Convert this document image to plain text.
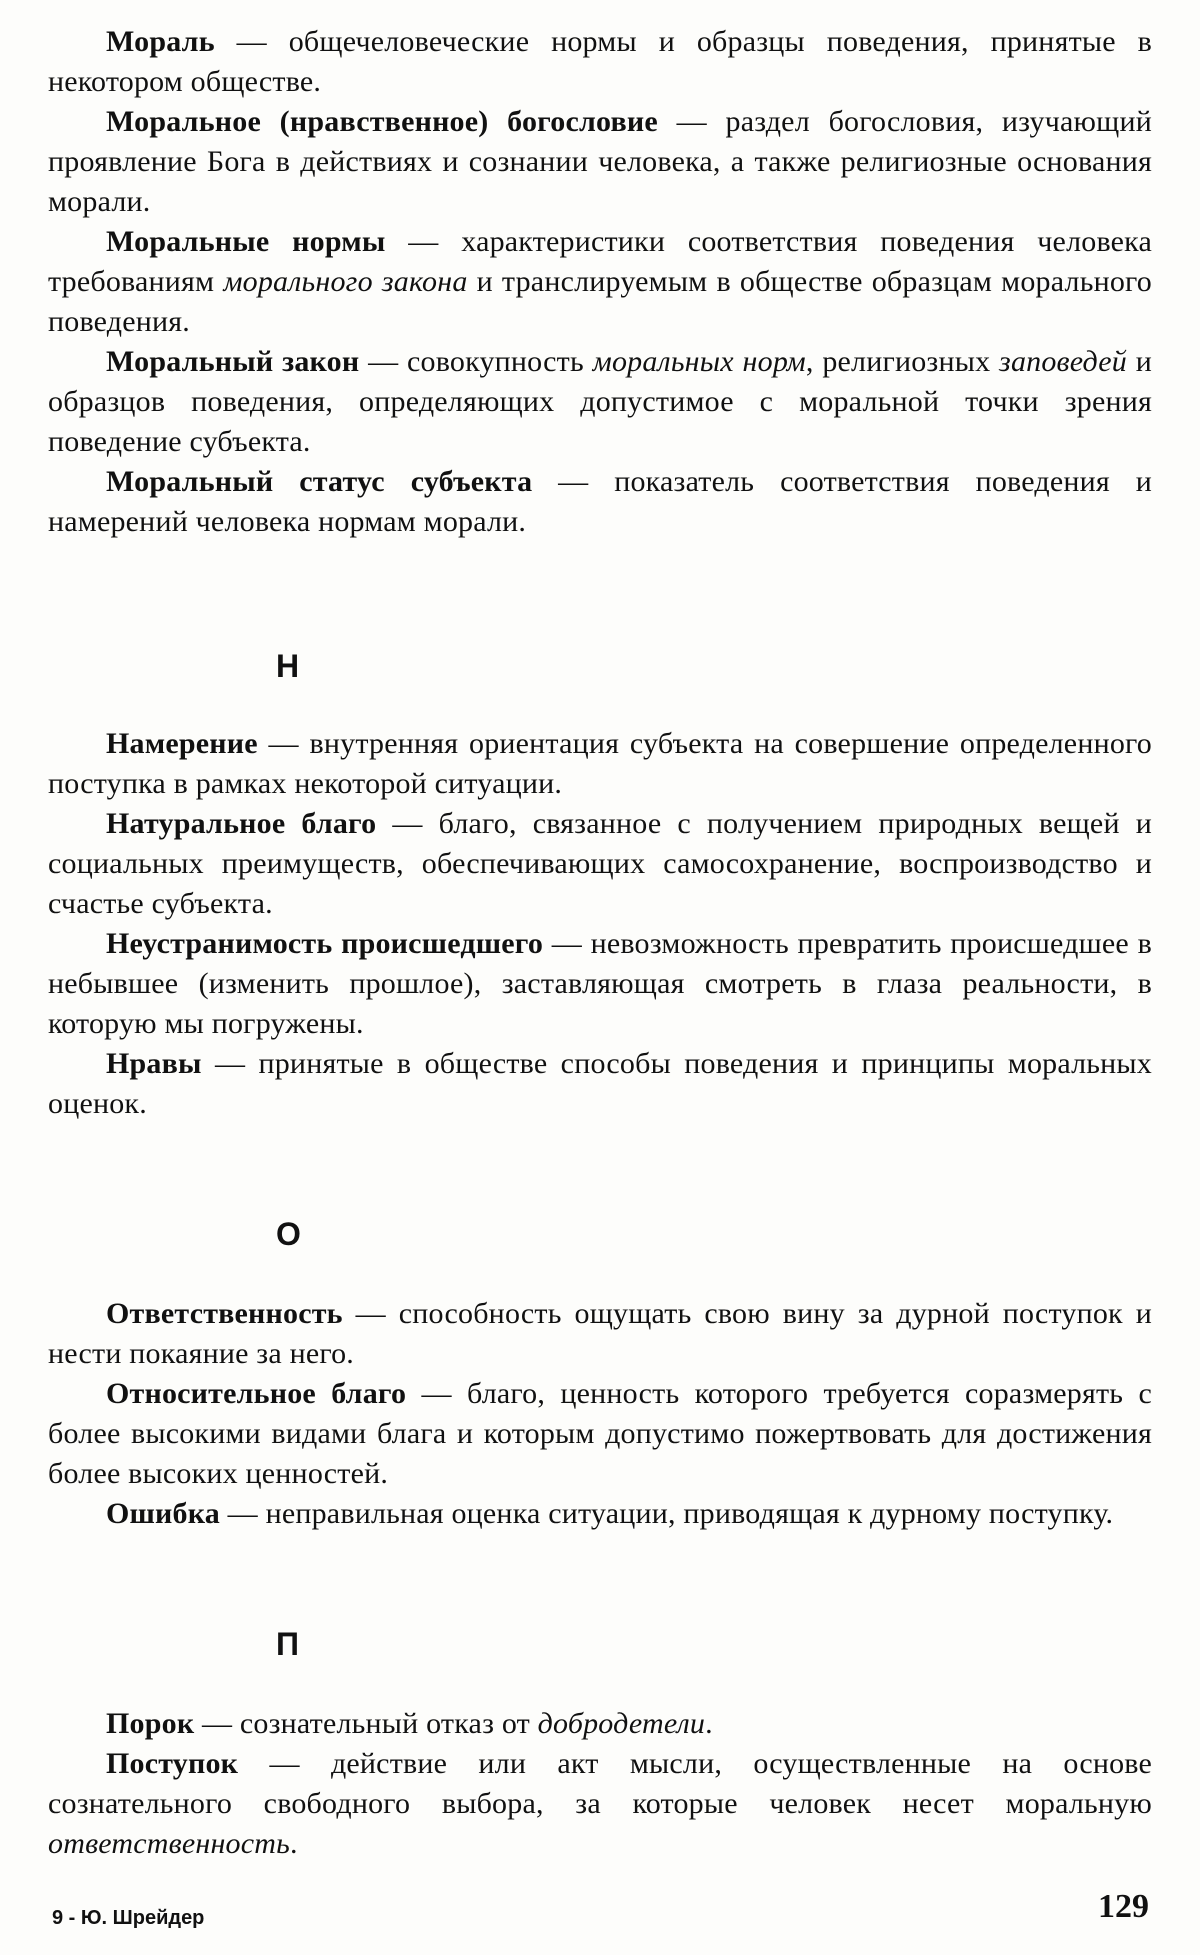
Мораль — общечеловеческие нормы и образцы поведения, принятые в некотором обществе.

Моральное (нравственное) богословие — раздел богословия, изучающий проявление Бога в действиях и сознании человека, а также религиозные основания морали.

Моральные нормы — характеристики соответствия поведения человека требованиям морального закона и транслируемым в обществе образцам морального поведения.

Моральный закон — совокупность моральных норм, религиозных заповедей и образцов поведения, определяющих допустимое с моральной точки зрения поведение субъекта.

Моральный статус субъекта — показатель соответствия поведения и намерений человека нормам морали.

Н

Намерение — внутренняя ориентация субъекта на совершение определенного поступка в рамках некоторой ситуации.

Натуральное благо — благо, связанное с получением природных вещей и социальных преимуществ, обеспечивающих самосохранение, воспроизводство и счастье субъекта.

Неустранимость происшедшего — невозможность превратить происшедшее в небывшее (изменить прошлое), заставляющая смотреть в глаза реальности, в которую мы погружены.

Нравы — принятые в обществе способы поведения и принципы моральных оценок.

О

Ответственность — способность ощущать свою вину за дурной поступок и нести покаяние за него.

Относительное благо — благо, ценность которого требуется соразмерять с более высокими видами блага и которым допустимо пожертвовать для достижения более высоких ценностей.

Ошибка — неправильная оценка ситуации, приводящая к дурному поступку.

П

Порок — сознательный отказ от добродетели.

Поступок — действие или акт мысли, осуществленные на основе сознательного свободного выбора, за которые человек несет моральную ответственность.

9 - Ю. Шрейдер	129
